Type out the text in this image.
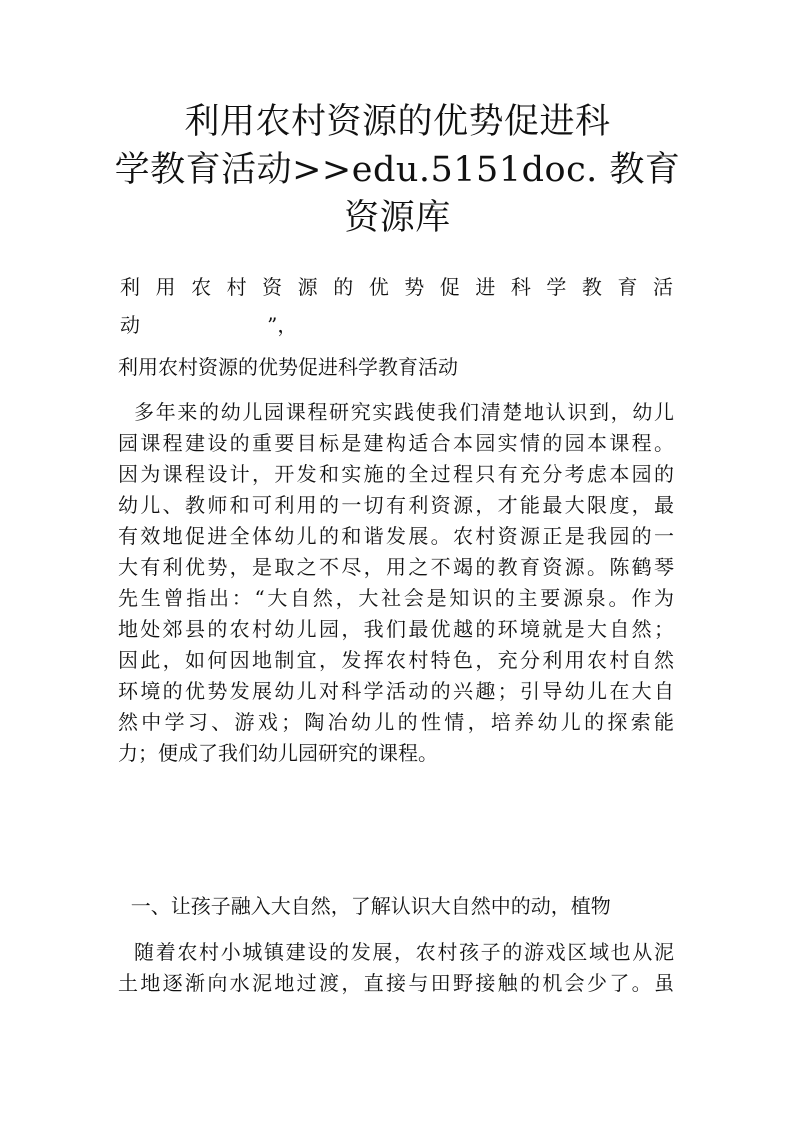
利用农村资源的优势促进科
学教育活动>>edu.5151doc. 教育
资源库
利 用 农 村 资 源 的 优 势 促 进 科 学 教 育 活
动                    ”，
利用农村资源的优势促进科学教育活动
多年来的幼儿园课程研究实践使我们清楚地认识到，幼儿
园课程建设的重要目标是建构适合本园实情的园本课程。
因为课程设计，开发和实施的全过程只有充分考虑本园的
幼儿、教师和可利用的一切有利资源，才能最大限度，最
有效地促进全体幼儿的和谐发展。农村资源正是我园的一
大有利优势，是取之不尽，用之不竭的教育资源。陈鹤琴
先生曾指出：“大自然，大社会是知识的主要源泉。作为
地处郊县的农村幼儿园，我们最优越的环境就是大自然；
因此，如何因地制宜，发挥农村特色，充分利用农村自然
环境的优势发展幼儿对科学活动的兴趣；引导幼儿在大自
然中学习、游戏；陶冶幼儿的性情，培养幼儿的探索能
力；便成了我们幼儿园研究的课程。
一、让孩子融入大自然，了解认识大自然中的动，植物
随着农村小城镇建设的发展，农村孩子的游戏区域也从泥
土地逐渐向水泥地过渡，直接与田野接触的机会少了。虽
